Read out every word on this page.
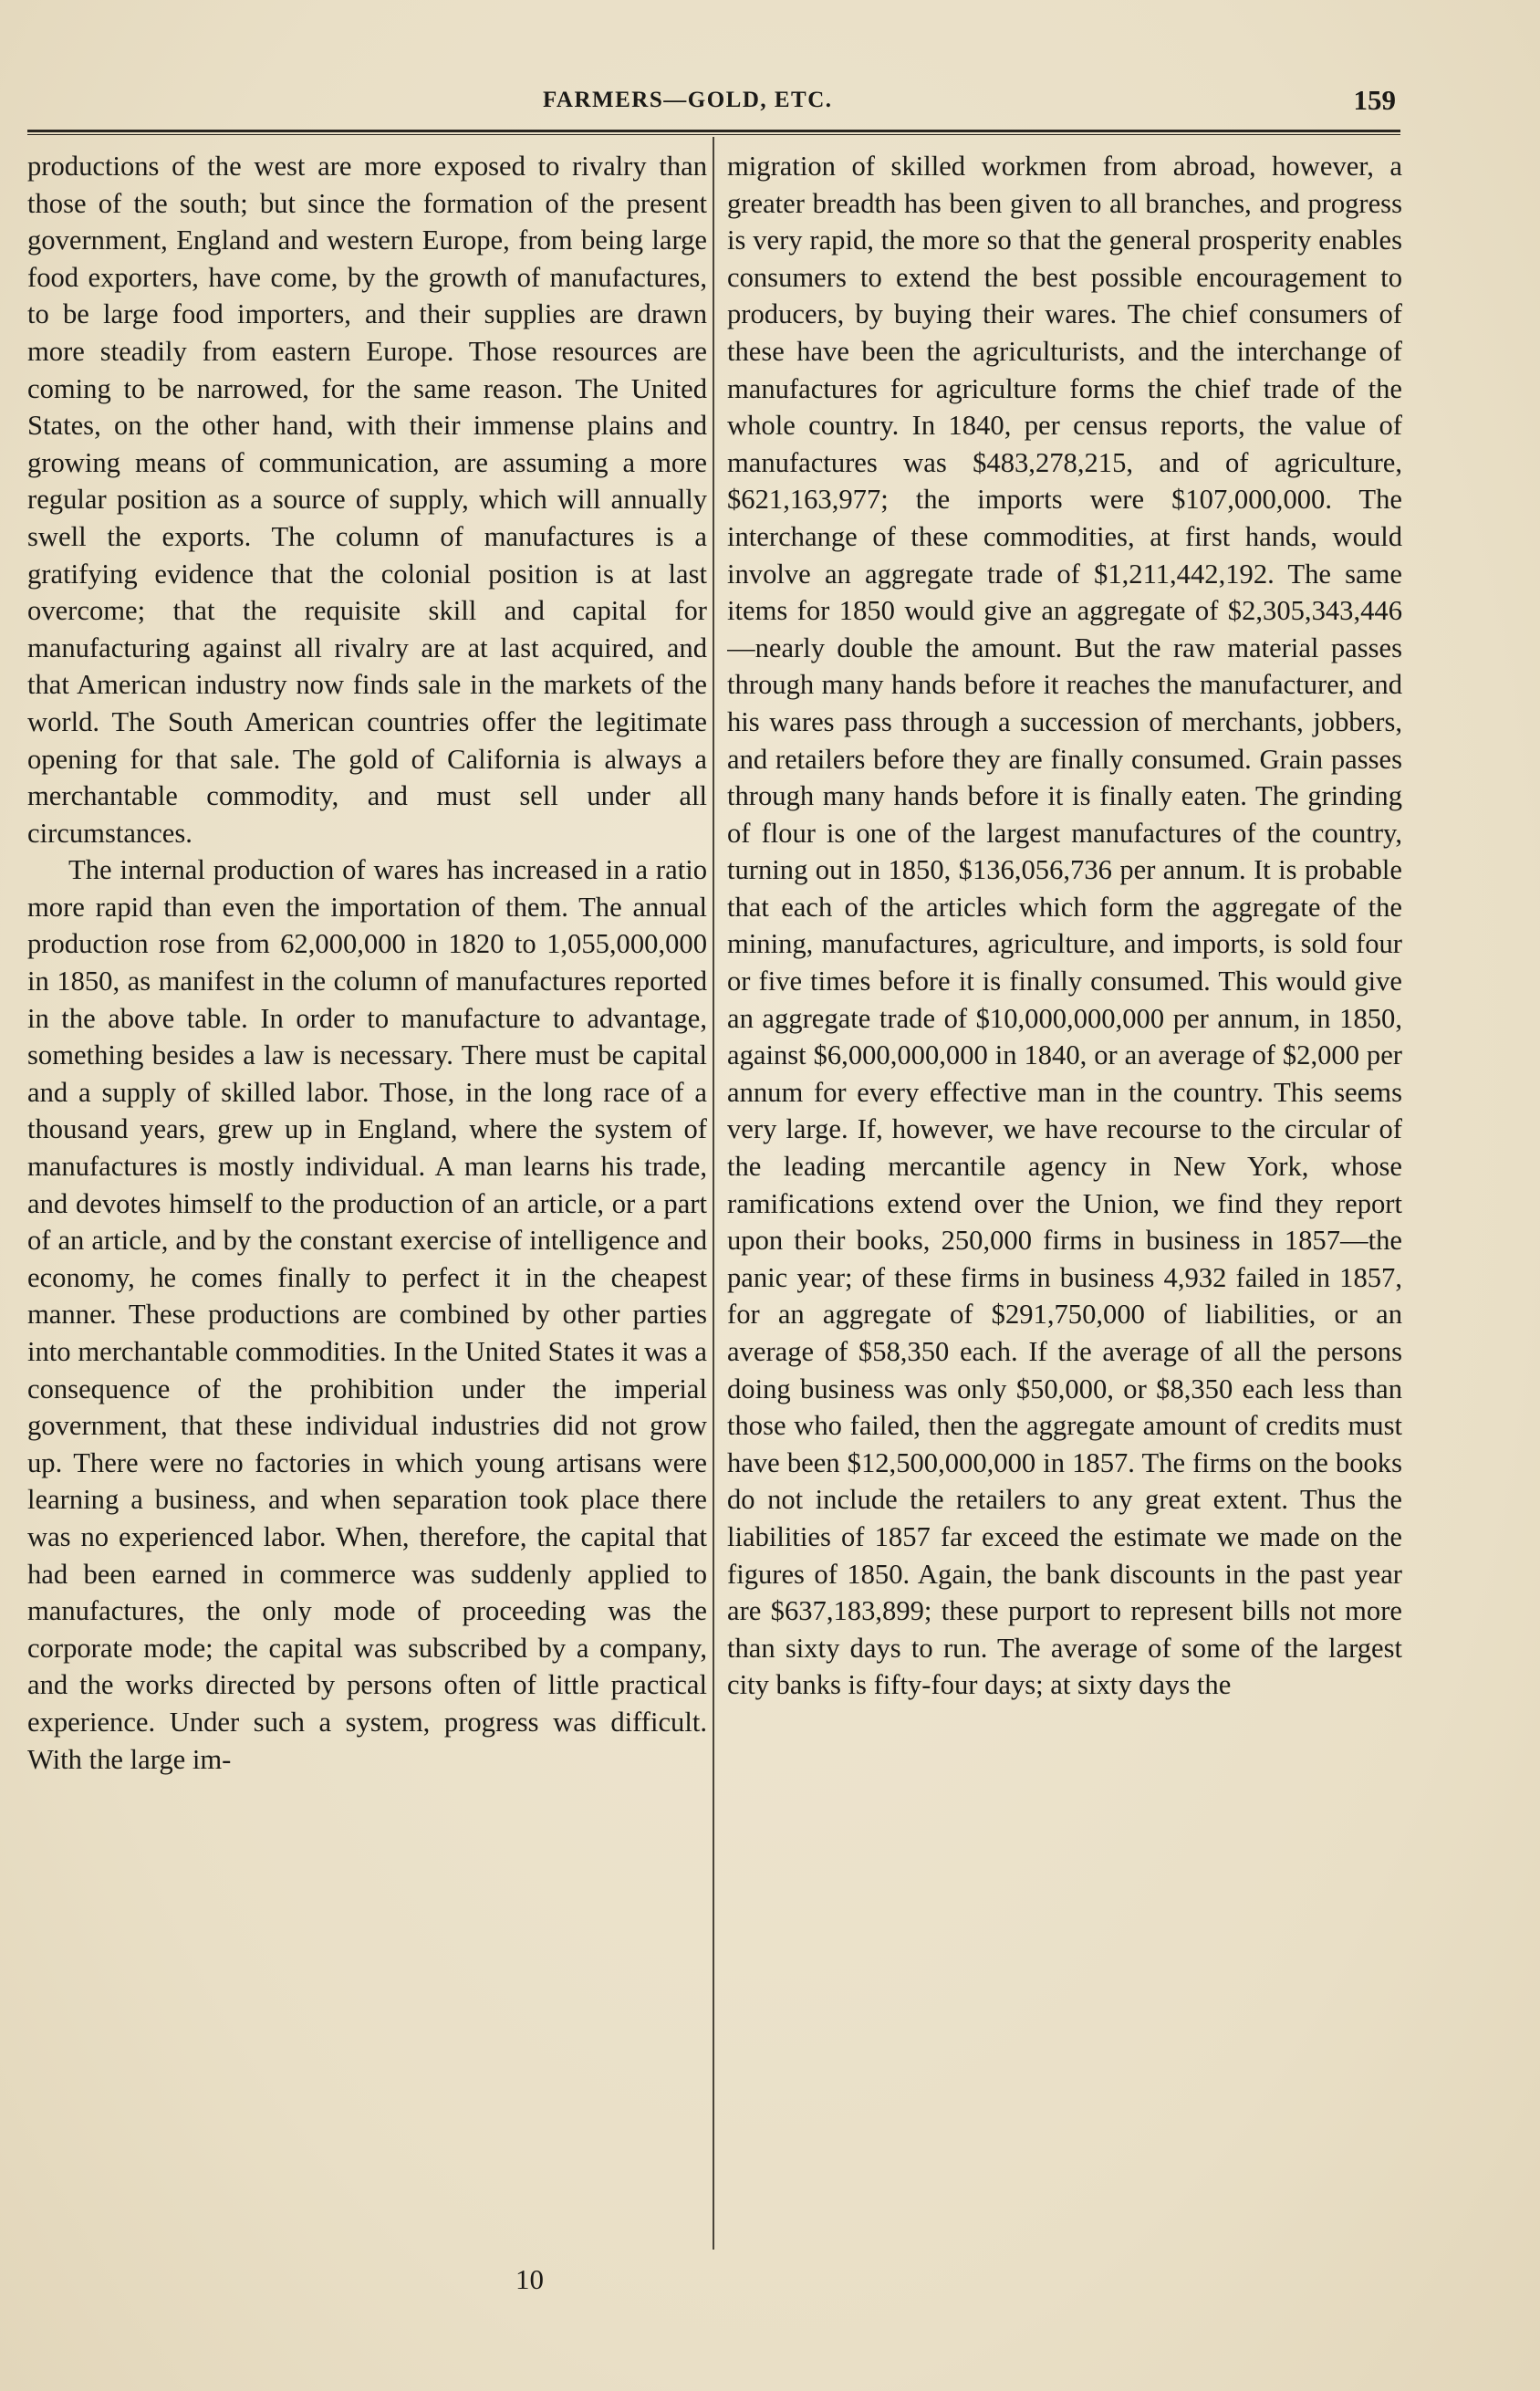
FARMERS—GOLD, ETC.	159

productions of the west are more exposed to rivalry than those of the south; but since the formation of the present government, England and western Europe, from being large food exporters, have come, by the growth of manufactures, to be large food importers, and their supplies are drawn more steadily from eastern Europe. Those resources are coming to be narrowed, for the same reason. The United States, on the other hand, with their immense plains and growing means of communication, are assuming a more regular position as a source of supply, which will annually swell the exports. The column of manufactures is a gratifying evidence that the colonial position is at last overcome; that the requisite skill and capital for manufacturing against all rivalry are at last acquired, and that American industry now finds sale in the markets of the world. The South American countries offer the legitimate opening for that sale. The gold of California is always a merchantable commodity, and must sell under all circumstances.

The internal production of wares has increased in a ratio more rapid than even the importation of them. The annual production rose from 62,000,000 in 1820 to 1,055,000,000 in 1850, as manifest in the column of manufactures reported in the above table. In order to manufacture to advantage, something besides a law is necessary. There must be capital and a supply of skilled labor. Those, in the long race of a thousand years, grew up in England, where the system of manufactures is mostly individual. A man learns his trade, and devotes himself to the production of an article, or a part of an article, and by the constant exercise of intelligence and economy, he comes finally to perfect it in the cheapest manner. These productions are combined by other parties into merchantable commodities. In the United States it was a consequence of the prohibition under the imperial government, that these individual industries did not grow up. There were no factories in which young artisans were learning a business, and when separation took place there was no experienced labor. When, therefore, the capital that had been earned in commerce was suddenly applied to manufactures, the only mode of proceeding was the corporate mode; the capital was subscribed by a company, and the works directed by persons often of little practical experience. Under such a system, progress was difficult. With the large im-

migration of skilled workmen from abroad, however, a greater breadth has been given to all branches, and progress is very rapid, the more so that the general prosperity enables consumers to extend the best possible encouragement to producers, by buying their wares. The chief consumers of these have been the agriculturists, and the interchange of manufactures for agriculture forms the chief trade of the whole country. In 1840, per census reports, the value of manufactures was $483,278,215, and of agriculture, $621,163,977; the imports were $107,000,000. The interchange of these commodities, at first hands, would involve an aggregate trade of $1,211,442,192. The same items for 1850 would give an aggregate of $2,305,343,446—nearly double the amount. But the raw material passes through many hands before it reaches the manufacturer, and his wares pass through a succession of merchants, jobbers, and retailers before they are finally consumed. Grain passes through many hands before it is finally eaten. The grinding of flour is one of the largest manufactures of the country, turning out in 1850, $136,056,736 per annum. It is probable that each of the articles which form the aggregate of the mining, manufactures, agriculture, and imports, is sold four or five times before it is finally consumed. This would give an aggregate trade of $10,000,000,000 per annum, in 1850, against $6,000,000,000 in 1840, or an average of $2,000 per annum for every effective man in the country. This seems very large. If, however, we have recourse to the circular of the leading mercantile agency in New York, whose ramifications extend over the Union, we find they report upon their books, 250,000 firms in business in 1857—the panic year; of these firms in business 4,932 failed in 1857, for an aggregate of $291,750,000 of liabilities, or an average of $58,350 each. If the average of all the persons doing business was only $50,000, or $8,350 each less than those who failed, then the aggregate amount of credits must have been $12,500,000,000 in 1857. The firms on the books do not include the retailers to any great extent. Thus the liabilities of 1857 far exceed the estimate we made on the figures of 1850. Again, the bank discounts in the past year are $637,183,899; these purport to represent bills not more than sixty days to run. The average of some of the largest city banks is fifty-four days; at sixty days the

10
